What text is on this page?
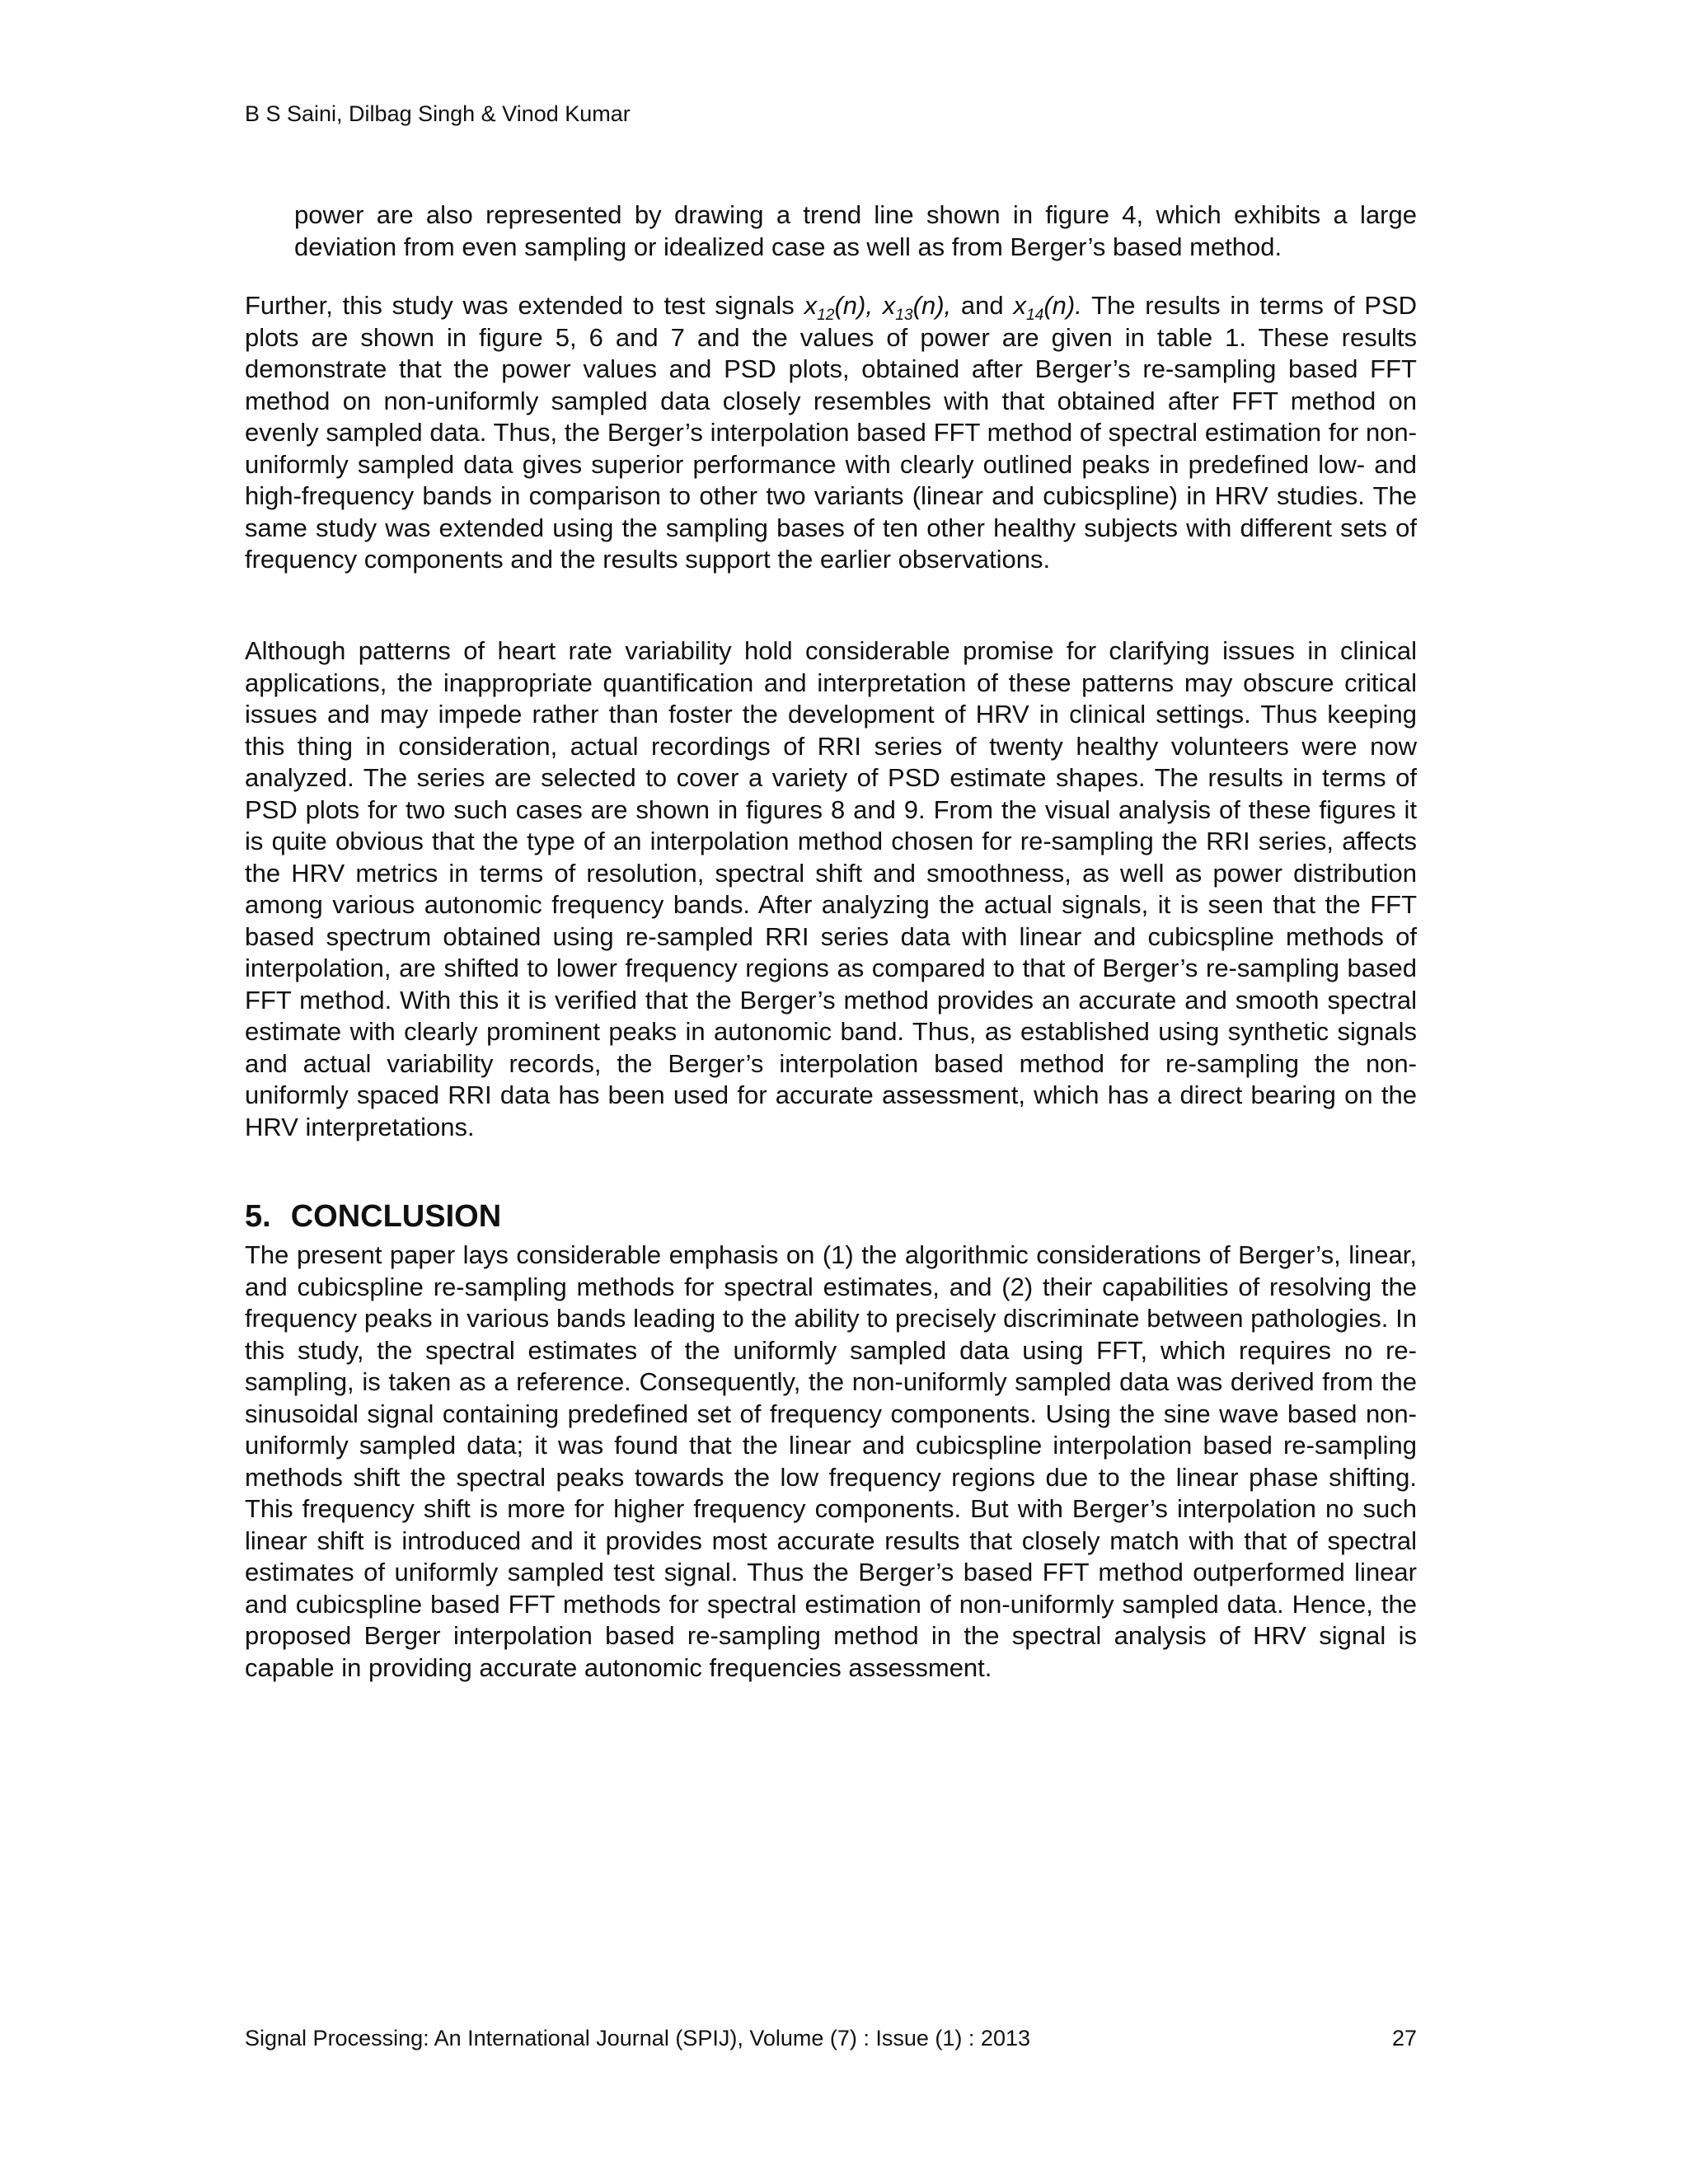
B S Saini, Dilbag Singh & Vinod Kumar

power are also represented by drawing a trend line shown in figure 4, which exhibits a large deviation from even sampling or idealized case as well as from Berger’s based method.

Further, this study was extended to test signals $x_{12}(n)$, $x_{13}(n)$, and $x_{14}(n)$. The results in terms of PSD plots are shown in figure 5, 6 and 7 and the values of power are given in table 1. These results demonstrate that the power values and PSD plots, obtained after Berger’s re-sampling based FFT method on non-uniformly sampled data closely resembles with that obtained after FFT method on evenly sampled data. Thus, the Berger’s interpolation based FFT method of spectral estimation for non-uniformly sampled data gives superior performance with clearly outlined peaks in predefined low- and high-frequency bands in comparison to other two variants (linear and cubicspline) in HRV studies. The same study was extended using the sampling bases of ten other healthy subjects with different sets of frequency components and the results support the earlier observations.

Although patterns of heart rate variability hold considerable promise for clarifying issues in clinical applications, the inappropriate quantification and interpretation of these patterns may obscure critical issues and may impede rather than foster the development of HRV in clinical settings. Thus keeping this thing in consideration, actual recordings of RRI series of twenty healthy volunteers were now analyzed. The series are selected to cover a variety of PSD estimate shapes. The results in terms of PSD plots for two such cases are shown in figures 8 and 9. From the visual analysis of these figures it is quite obvious that the type of an interpolation method chosen for re-sampling the RRI series, affects the HRV metrics in terms of resolution, spectral shift and smoothness, as well as power distribution among various autonomic frequency bands. After analyzing the actual signals, it is seen that the FFT based spectrum obtained using re-sampled RRI series data with linear and cubicspline methods of interpolation, are shifted to lower frequency regions as compared to that of Berger’s re-sampling based FFT method. With this it is verified that the Berger’s method provides an accurate and smooth spectral estimate with clearly prominent peaks in autonomic band. Thus, as established using synthetic signals and actual variability records, the Berger’s interpolation based method for re-sampling the non-uniformly spaced RRI data has been used for accurate assessment, which has a direct bearing on the HRV interpretations.

5. CONCLUSION

The present paper lays considerable emphasis on (1) the algorithmic considerations of Berger’s, linear, and cubicspline re-sampling methods for spectral estimates, and (2) their capabilities of resolving the frequency peaks in various bands leading to the ability to precisely discriminate between pathologies. In this study, the spectral estimates of the uniformly sampled data using FFT, which requires no re-sampling, is taken as a reference. Consequently, the non-uniformly sampled data was derived from the sinusoidal signal containing predefined set of frequency components. Using the sine wave based non-uniformly sampled data; it was found that the linear and cubicspline interpolation based re-sampling methods shift the spectral peaks towards the low frequency regions due to the linear phase shifting. This frequency shift is more for higher frequency components. But with Berger’s interpolation no such linear shift is introduced and it provides most accurate results that closely match with that of spectral estimates of uniformly sampled test signal. Thus the Berger’s based FFT method outperformed linear and cubicspline based FFT methods for spectral estimation of non-uniformly sampled data. Hence, the proposed Berger interpolation based re-sampling method in the spectral analysis of HRV signal is capable in providing accurate autonomic frequencies assessment.

Signal Processing: An International Journal (SPIJ), Volume (7) : Issue (1) : 2013	27
